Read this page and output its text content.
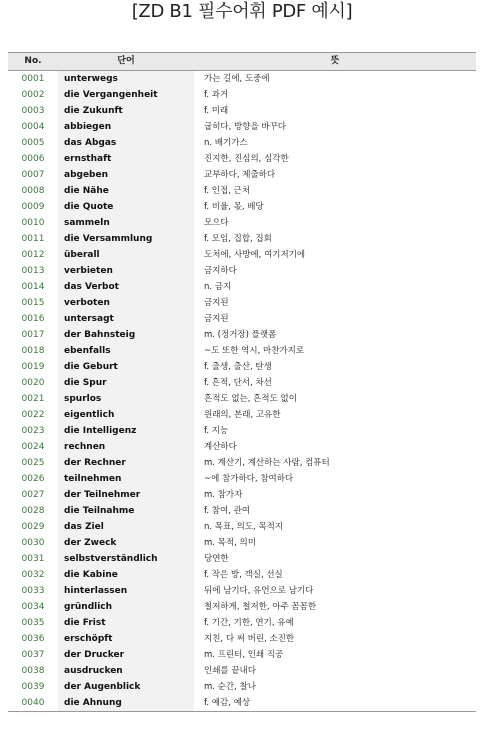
[ZD B1 필수어휘 PDF 예시]
No.	단어	뜻
0001	unterwegs	가는 길에, 도중에
0002	die Vergangenheit	f. 과거
0003	die Zukunft	f. 미래
0004	abbiegen	굽히다, 방향을 바꾸다
0005	das Abgas	n. 배기가스
0006	ernsthaft	진지한, 진심의, 심각한
0007	abgeben	교부하다, 제출하다
0008	die Nähe	f. 인접, 근처
0009	die Quote	f. 비율, 몫, 배당
0010	sammeln	모으다
0011	die Versammlung	f. 모임, 집합, 집회
0012	überall	도처에, 사방에, 여기저기에
0013	verbieten	금지하다
0014	das Verbot	n. 금지
0015	verboten	금지된
0016	untersagt	금지된
0017	der Bahnsteig	m. (정거장) 플랫폼
0018	ebenfalls	~도 또한 역시, 마찬가지로
0019	die Geburt	f. 출생, 출산, 탄생
0020	die Spur	f. 흔적, 단서, 차선
0021	spurlos	흔적도 없는, 흔적도 없이
0022	eigentlich	원래의, 본래, 고유한
0023	die Intelligenz	f. 지능
0024	rechnen	계산하다
0025	der Rechner	m. 계산기, 계산하는 사람, 컴퓨터
0026	teilnehmen	~에 참가하다, 참여하다
0027	der Teilnehmer	m. 참가자
0028	die Teilnahme	f. 참여, 관여
0029	das Ziel	n. 목표, 의도, 목적지
0030	der Zweck	m. 목적, 의미
0031	selbstverständlich	당연한
0032	die Kabine	f. 작은 방, 객실, 선실
0033	hinterlassen	뒤에 남기다, 유언으로 남기다
0034	gründlich	철저하게, 철저한, 아주 꼼꼼한
0035	die Frist	f. 기간, 기한, 연기, 유예
0036	erschöpft	지친, 다 써 버린, 소진한
0037	der Drucker	m. 프린터, 인쇄 직공
0038	ausdrucken	인쇄를 끝내다
0039	der Augenblick	m. 순간, 찰나
0040	die Ahnung	f. 예감, 예상
